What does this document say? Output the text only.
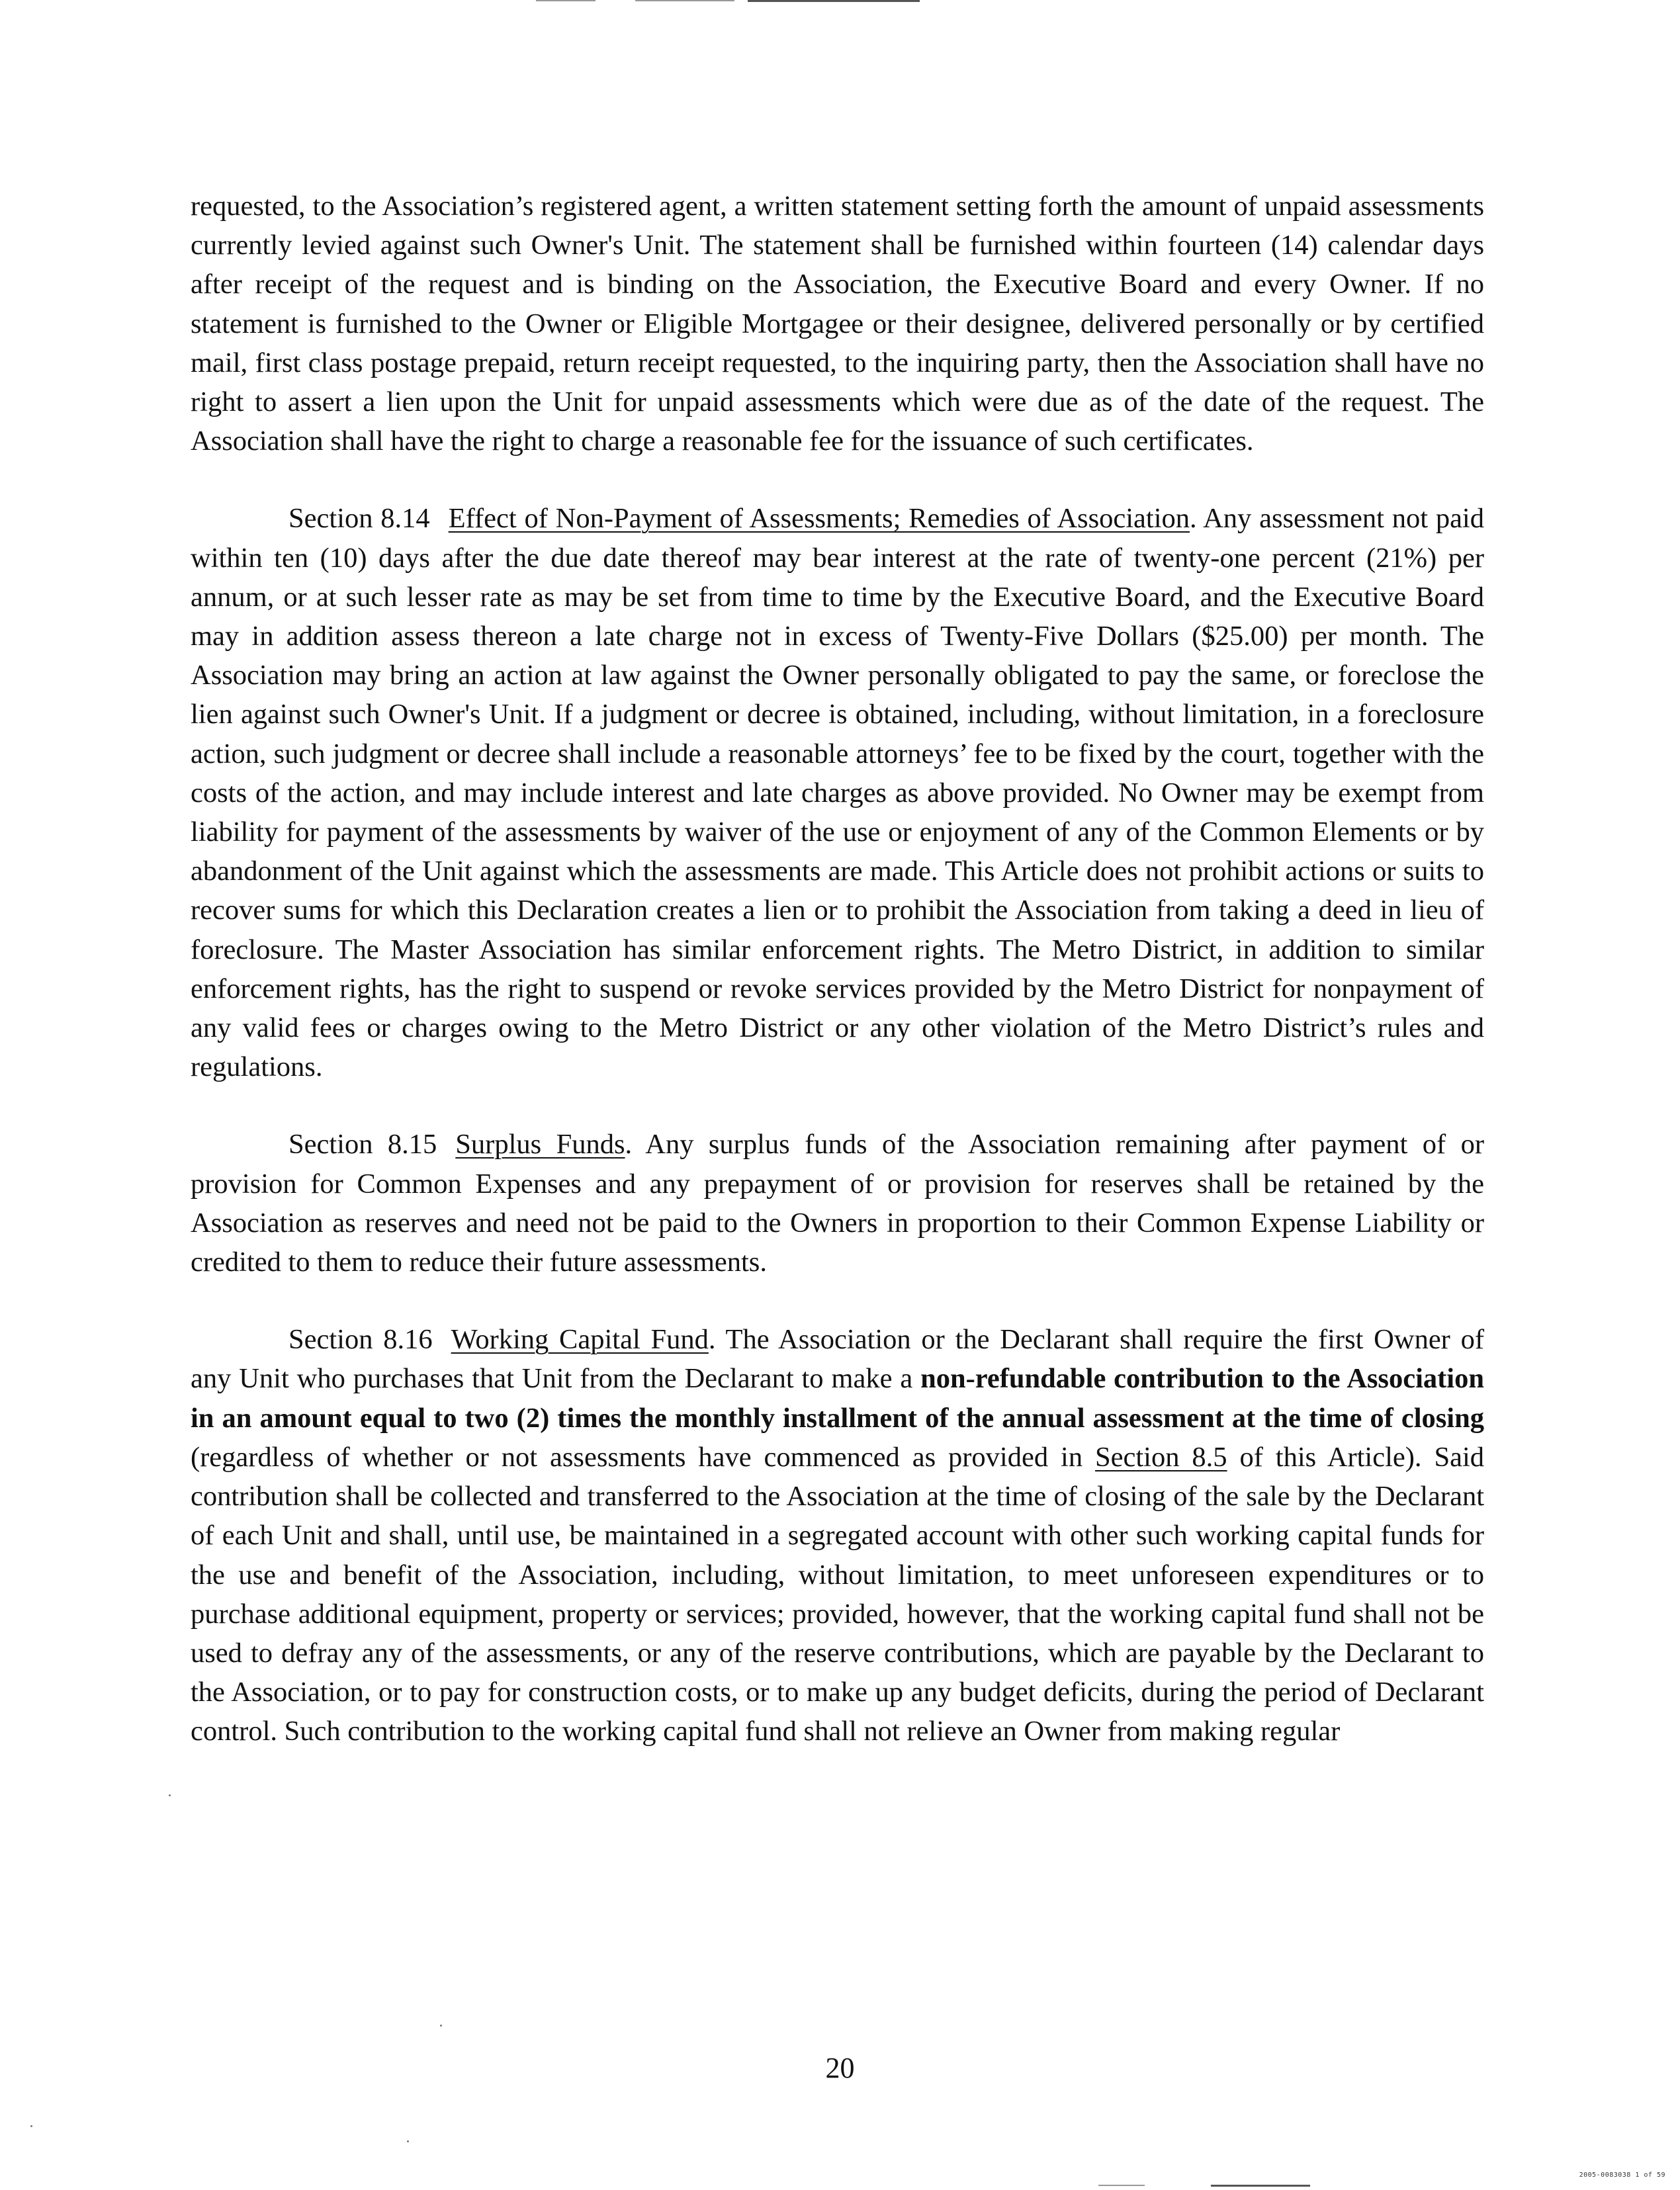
requested, to the Association’s registered agent, a written statement setting forth the amount of unpaid assessments currently levied against such Owner's Unit. The statement shall be furnished within fourteen (14) calendar days after receipt of the request and is binding on the Association, the Executive Board and every Owner. If no statement is furnished to the Owner or Eligible Mortgagee or their designee, delivered personally or by certified mail, first class postage prepaid, return receipt requested, to the inquiring party, then the Association shall have no right to assert a lien upon the Unit for unpaid assessments which were due as of the date of the request. The Association shall have the right to charge a reasonable fee for the issuance of such certificates.

Section 8.14 Effect of Non-Payment of Assessments; Remedies of Association. Any assessment not paid within ten (10) days after the due date thereof may bear interest at the rate of twenty-one percent (21%) per annum, or at such lesser rate as may be set from time to time by the Executive Board, and the Executive Board may in addition assess thereon a late charge not in excess of Twenty-Five Dollars ($25.00) per month. The Association may bring an action at law against the Owner personally obligated to pay the same, or foreclose the lien against such Owner's Unit. If a judgment or decree is obtained, including, without limitation, in a foreclosure action, such judgment or decree shall include a reasonable attorneys’ fee to be fixed by the court, together with the costs of the action, and may include interest and late charges as above provided. No Owner may be exempt from liability for payment of the assessments by waiver of the use or enjoyment of any of the Common Elements or by abandonment of the Unit against which the assessments are made. This Article does not prohibit actions or suits to recover sums for which this Declaration creates a lien or to prohibit the Association from taking a deed in lieu of foreclosure. The Master Association has similar enforcement rights. The Metro District, in addition to similar enforcement rights, has the right to suspend or revoke services provided by the Metro District for nonpayment of any valid fees or charges owing to the Metro District or any other violation of the Metro District’s rules and regulations.

Section 8.15 Surplus Funds. Any surplus funds of the Association remaining after payment of or provision for Common Expenses and any prepayment of or provision for reserves shall be retained by the Association as reserves and need not be paid to the Owners in proportion to their Common Expense Liability or credited to them to reduce their future assessments.

Section 8.16 Working Capital Fund. The Association or the Declarant shall require the first Owner of any Unit who purchases that Unit from the Declarant to make a non-refundable contribution to the Association in an amount equal to two (2) times the monthly installment of the annual assessment at the time of closing (regardless of whether or not assessments have commenced as provided in Section 8.5 of this Article). Said contribution shall be collected and transferred to the Association at the time of closing of the sale by the Declarant of each Unit and shall, until use, be maintained in a segregated account with other such working capital funds for the use and benefit of the Association, including, without limitation, to meet unforeseen expenditures or to purchase additional equipment, property or services; provided, however, that the working capital fund shall not be used to defray any of the assessments, or any of the reserve contributions, which are payable by the Declarant to the Association, or to pay for construction costs, or to make up any budget deficits, during the period of Declarant control. Such contribution to the working capital fund shall not relieve an Owner from making regular

20
2005-0083038 1 of 59
